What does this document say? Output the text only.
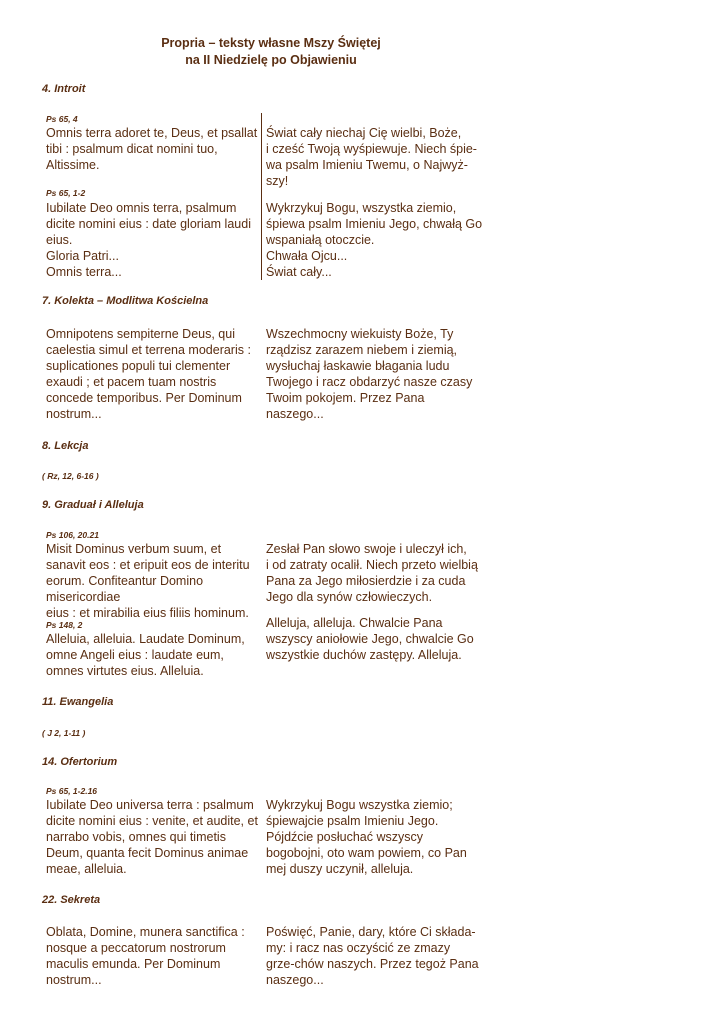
Propria – teksty własne Mszy Świętej
na II Niedzielę po Objawieniu
4. Introit
Ps 65, 4
Omnis terra adoret te, Deus, et psallat
tibi : psalmum dicat nomini tuo,
Altissime.
Świat cały niechaj Cię wielbi, Boże,
i cześć Twoją wyśpiewuje. Niech śpie-
wa psalm Imieniu Twemu, o Najwyż-
szy!
Ps 65, 1-2
Iubilate Deo omnis terra, psalmum
dicite nomini eius : date gloriam laudi
eius.
Gloria Patri...
Omnis terra...
Wykrzykuj Bogu, wszystka ziemio,
śpiewa psalm Imieniu Jego, chwałą Go
wspaniałą otoczcie.
Chwała Ojcu...
Świat cały...
7. Kolekta – Modlitwa Kościelna
Omnipotens sempiterne Deus, qui
caelestia simul et terrena moderaris :
suplicationes populi tui clementer
exaudi ; et pacem tuam nostris
concede temporibus. Per Dominum
nostrum...
Wszechmocny wiekuisty Boże, Ty
rządzisz zarazem niebem i ziemią,
wysłuchaj łaskawie błagania ludu
Twojego i racz obdarzyć nasze czasy
Twoim pokojem. Przez Pana
naszego...
8. Lekcja
( Rz, 12, 6-16 )
9. Graduał i Alleluja
Ps 106, 20.21
Misit Dominus verbum suum, et
sanavit eos : et eripuit eos de interitu
eorum. Confiteantur Domino
misericordiae
eius : et mirabilia eius filiis hominum.
Zesłał Pan słowo swoje i uleczył ich,
i od zatraty ocalił. Niech przeto wielbią
Pana za Jego miłosierdzie i za cuda
Jego dla synów człowieczych.
Ps 148, 2
Alleluia, alleluia. Laudate Dominum,
omne Angeli eius : laudate eum,
omnes virtutes eius. Alleluia.
Alleluja, alleluja. Chwalcie Pana
wszyscy aniołowie Jego, chwalcie Go
wszystkie duchów zastępy. Alleluja.
11. Ewangelia
( J 2, 1-11 )
14. Ofertorium
Ps 65, 1-2.16
Iubilate Deo universa terra : psalmum
dicite nomini eius : venite, et audite, et
narrabo vobis, omnes qui timetis
Deum, quanta fecit Dominus animae
meae, alleluia.
Wykrzykuj Bogu wszystka ziemio;
śpiewajcie psalm Imieniu Jego.
Pójdźcie posłuchać wszyscy
bogobojni, oto wam powiem, co Pan
mej duszy uczynił, alleluja.
22. Sekreta
Oblata, Domine, munera sanctifica :
nosque a peccatorum nostrorum
maculis emunda. Per Dominum
nostrum...
Poświęć, Panie, dary, które Ci składa-
my: i racz nas oczyścić ze zmazy
grze-chów naszych. Przez tegoż Pana
naszego...
